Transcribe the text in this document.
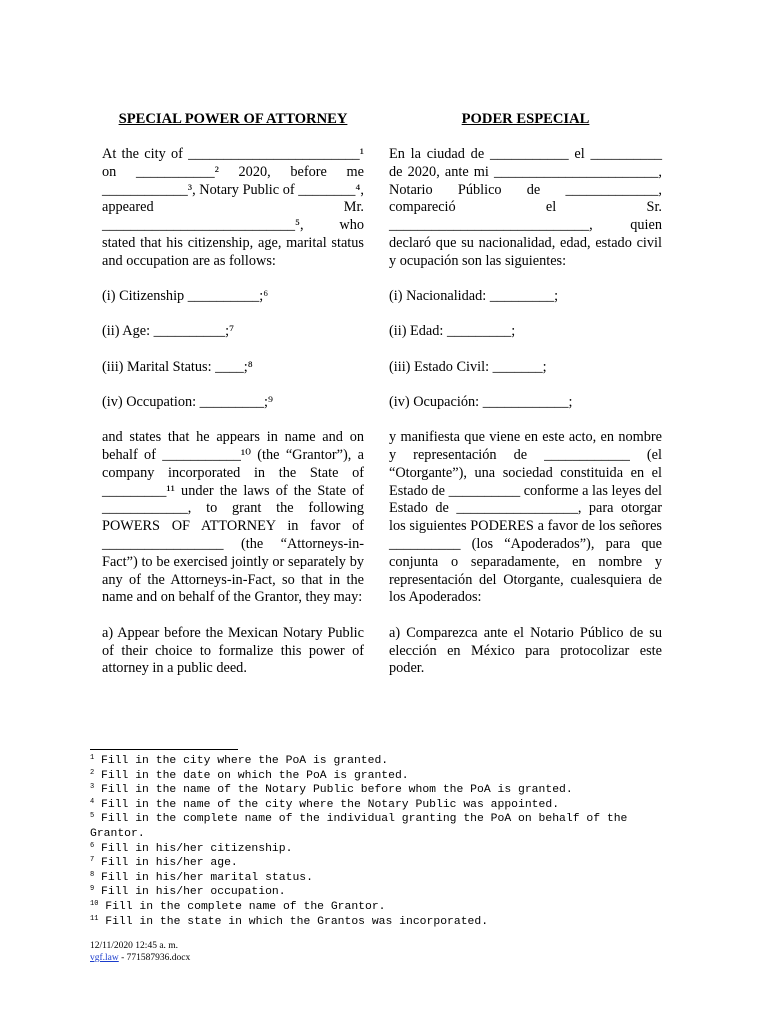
SPECIAL POWER OF ATTORNEY
At the city of ________________________¹ on ___________² 2020, before me ____________³, Notary Public of ________⁴, appeared Mr. ___________________________⁵, who stated that his citizenship, age, marital status and occupation are as follows:
(i) Citizenship __________;⁶
(ii) Age: __________;⁷
(iii) Marital Status: ____;⁸
(iv) Occupation: _________;⁹
and states that he appears in name and on behalf of ___________¹⁰ (the “Grantor”), a company incorporated in the State of _________¹¹ under the laws of the State of ____________, to grant the following POWERS OF ATTORNEY in favor of _________________ (the “Attorneys-in-Fact”) to be exercised jointly or separately by any of the Attorneys-in-Fact, so that in the name and on behalf of the Grantor, they may:
a) Appear before the Mexican Notary Public of their choice to formalize this power of attorney in a public deed.
PODER ESPECIAL
En la ciudad de ___________ el __________ de 2020, ante mi _______________________, Notario Público de _____________, compareció el Sr. ____________________________, quien declaró que su nacionalidad, edad, estado civil y ocupación son las siguientes:
(i) Nacionalidad: _________;
(ii) Edad: _________;
(iii) Estado Civil: _______;
(iv) Ocupación: ____________;
y manifiesta que viene en este acto, en nombre y representación de ____________ (el “Otorgante”), una sociedad constituida en el Estado de __________ conforme a las leyes del Estado de _________________, para otorgar los siguientes PODERES a favor de los señores __________ (los “Apoderados”), para que conjunta o separadamente, en nombre y representación del Otorgante, cualesquiera de los Apoderados:
a) Comparezca ante el Notario Público de su elección en México para protocolizar este poder.
$^1$ Fill in the city where the PoA is granted.
$^2$ Fill in the date on which the PoA is granted.
$^3$ Fill in the name of the Notary Public before whom the PoA is granted.
$^4$ Fill in the name of the city where the Notary Public was appointed.
$^5$ Fill in the complete name of the individual granting the PoA on behalf of the Grantor.
$^6$ Fill in his/her citizenship.
$^7$ Fill in his/her age.
$^8$ Fill in his/her marital status.
$^9$ Fill in his/her occupation.
$^{10}$ Fill in the complete name of the Grantor.
$^{11}$ Fill in the state in which the Grantos was incorporated.
12/11/2020 12:45 a. m.
vgf.law - 771587936.docx
